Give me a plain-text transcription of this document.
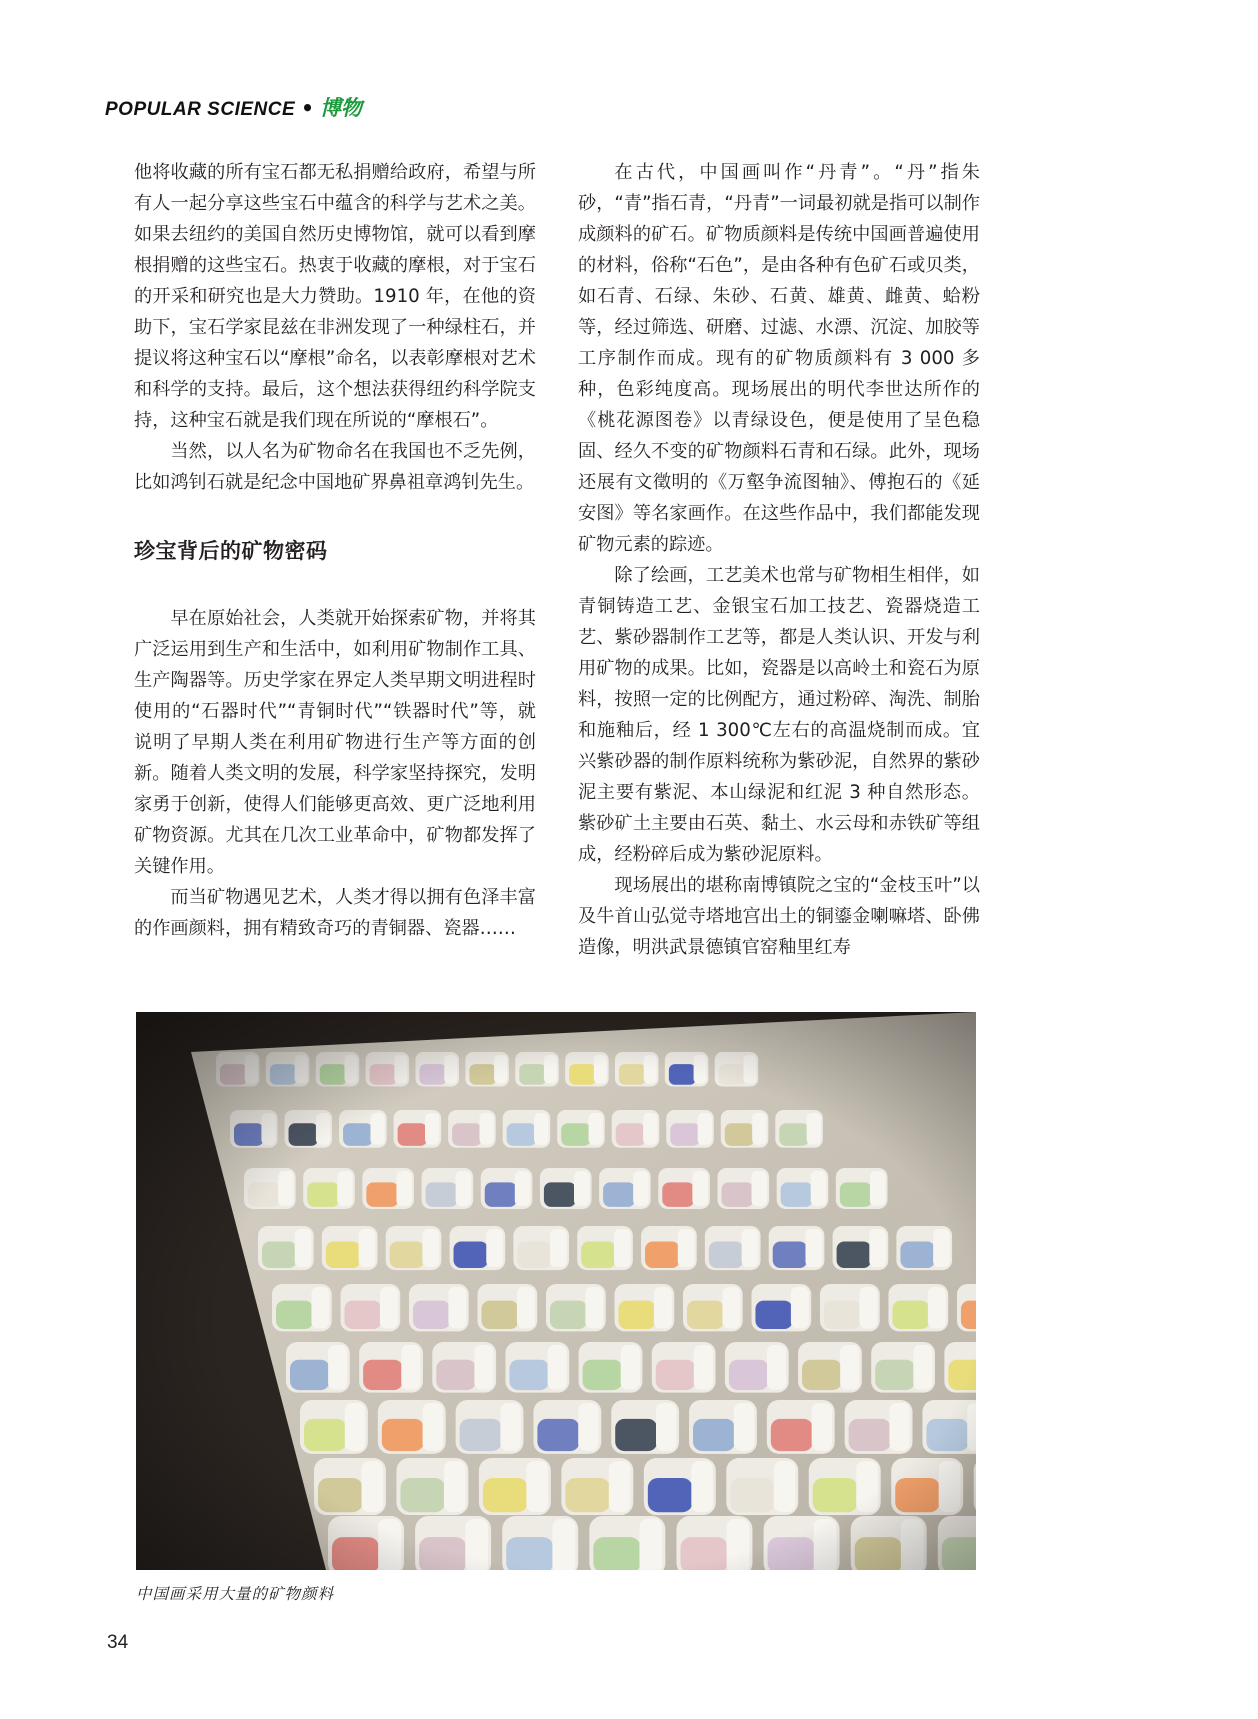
POPULAR SCIENCE • 博物

他将收藏的所有宝石都无私捐赠给政府，希望与所有人一起分享这些宝石中蕴含的科学与艺术之美。如果去纽约的美国自然历史博物馆，就可以看到摩根捐赠的这些宝石。热衷于收藏的摩根，对于宝石的开采和研究也是大力赞助。1910 年，在他的资助下，宝石学家昆兹在非洲发现了一种绿柱石，并提议将这种宝石以“摩根”命名，以表彰摩根对艺术和科学的支持。最后，这个想法获得纽约科学院支持，这种宝石就是我们现在所说的“摩根石”。

当然，以人名为矿物命名在我国也不乏先例，比如鸿钊石就是纪念中国地矿界鼻祖章鸿钊先生。

珍宝背后的矿物密码

早在原始社会，人类就开始探索矿物，并将其广泛运用到生产和生活中，如利用矿物制作工具、生产陶器等。历史学家在界定人类早期文明进程时使用的“石器时代”“青铜时代”“铁器时代”等，就说明了早期人类在利用矿物进行生产等方面的创新。随着人类文明的发展，科学家坚持探究，发明家勇于创新，使得人们能够更高效、更广泛地利用矿物资源。尤其在几次工业革命中，矿物都发挥了关键作用。

而当矿物遇见艺术，人类才得以拥有色泽丰富的作画颜料，拥有精致奇巧的青铜器、瓷器……

在古代，中国画叫作“丹青”。“丹”指朱砂，“青”指石青，“丹青”一词最初就是指可以制作成颜料的矿石。矿物质颜料是传统中国画普遍使用的材料，俗称“石色”，是由各种有色矿石或贝类，如石青、石绿、朱砂、石黄、雄黄、雌黄、蛤粉等，经过筛选、研磨、过滤、水漂、沉淀、加胶等工序制作而成。现有的矿物质颜料有 3 000 多种，色彩纯度高。现场展出的明代李世达所作的《桃花源图卷》以青绿设色，便是使用了呈色稳固、经久不变的矿物颜料石青和石绿。此外，现场还展有文徵明的《万壑争流图轴》、傅抱石的《延安图》等名家画作。在这些作品中，我们都能发现矿物元素的踪迹。

除了绘画，工艺美术也常与矿物相生相伴，如青铜铸造工艺、金银宝石加工技艺、瓷器烧造工艺、紫砂器制作工艺等，都是人类认识、开发与利用矿物的成果。比如，瓷器是以高岭土和瓷石为原料，按照一定的比例配方，通过粉碎、淘洗、制胎和施釉后，经 1 300℃左右的高温烧制而成。宜兴紫砂器的制作原料统称为紫砂泥，自然界的紫砂泥主要有紫泥、本山绿泥和红泥 3 种自然形态。紫砂矿土主要由石英、黏土、水云母和赤铁矿等组成，经粉碎后成为紫砂泥原料。

现场展出的堪称南博镇院之宝的“金枝玉叶”以及牛首山弘觉寺塔地宫出土的铜鎏金喇嘛塔、卧佛造像，明洪武景德镇官窑釉里红寿

中国画采用大量的矿物颜料
34
